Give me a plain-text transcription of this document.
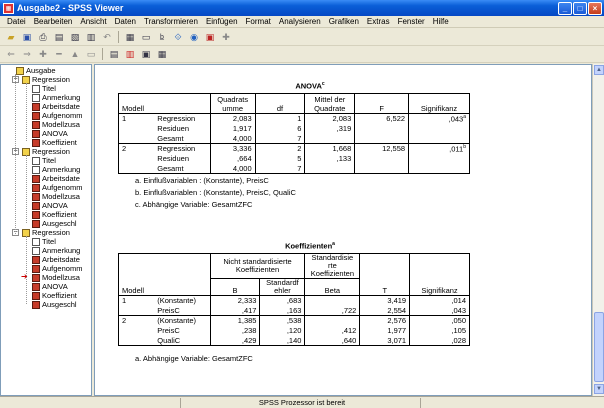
▦ Ausgabe2 - SPSS Viewer	_	□	×
Datei	Bearbeiten	Ansicht	Daten	Transformieren	Einfügen	Format	Analysieren	Grafiken	Extras	Fenster	Hilfe
▰ ▣ ⎙ ▤ ▧ ▥ ↶	▦ ▭	b̲	⟐ ◉ ▣ ✚
⇐ ⇒ ✚	━ ▲ ▭	▤ ▥ ▣ ▦
Ausgabe
− Regression
Titel
Anmerkung
Arbeitsdate
Aufgenomm
Modellzusa
ANOVA
Koeffizient
− Regression
Titel
Anmerkung
Arbeitsdate
Aufgenomm
Modellzusa
ANOVA
Koeffizient
Ausgeschl
− Regression
Titel
Anmerkung
Arbeitsdate
Aufgenomm
➔ Modellzusa
ANOVA
Koeffizient
Ausgeschl
ANOVA$^c$
Modell		Quadrats	df	Mittel der	F	Signifikanz
		umme		Quadrate		
1	Regression	2,083	1	2,083	6,522	,043$^a$
	Residuen	1,917	6	,319		
	Gesamt	4,000	7			
2	Regression	3,336	2	1,668	12,558	,011$^b$
	Residuen	,664	5	,133		
	Gesamt	4,000	7			
a. Einflußvariablen : (Konstante), PreisC
b. Einflußvariablen : (Konstante), PreisC, QualiC
c. Abhängige Variable: GesamtZFC
Koeffizienten$^a$
Modell		Nicht standardisierte
Koeffizienten		Standardisie
rte
Koeffizienten	T	Signifikanz

		B	Standardf
ehler	Beta		
1	(Konstante)	2,333	,683		3,419	,014
	PreisC	,417	,163	,722	2,554	,043
2	(Konstante)	1,385	,538		2,576	,050
	PreisC	,238	,120	,412	1,977	,105
	QualiC	,429	,140	,640	3,071	,028
a. Abhängige Variable: GesamtZFC
▲
▼
SPSS Prozessor ist bereit
